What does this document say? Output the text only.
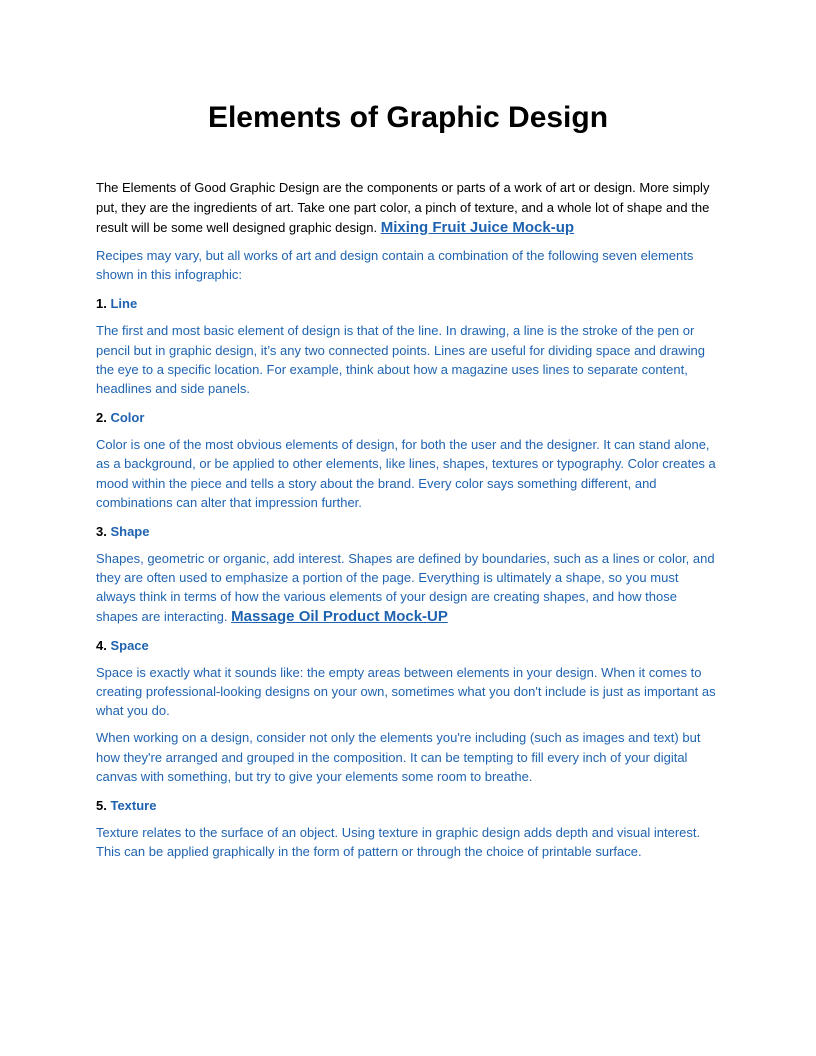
Elements of Graphic Design

The Elements of Good Graphic Design are the components or parts of a work of art or design. More simply put, they are the ingredients of art. Take one part color, a pinch of texture, and a whole lot of shape and the result will be some well designed graphic design. Mixing Fruit Juice Mock-up

Recipes may vary, but all works of art and design contain a combination of the following seven elements shown in this infographic:

1. Line

The first and most basic element of design is that of the line. In drawing, a line is the stroke of the pen or pencil but in graphic design, it’s any two connected points. Lines are useful for dividing space and drawing the eye to a specific location. For example, think about how a magazine uses lines to separate content, headlines and side panels.

2. Color

Color is one of the most obvious elements of design, for both the user and the designer. It can stand alone, as a background, or be applied to other elements, like lines, shapes, textures or typography. Color creates a mood within the piece and tells a story about the brand. Every color says something different, and combinations can alter that impression further.

3. Shape

Shapes, geometric or organic, add interest. Shapes are defined by boundaries, such as a lines or color, and they are often used to emphasize a portion of the page. Everything is ultimately a shape, so you must always think in terms of how the various elements of your design are creating shapes, and how those shapes are interacting. Massage Oil Product Mock-UP

4. Space

Space is exactly what it sounds like: the empty areas between elements in your design. When it comes to creating professional-looking designs on your own, sometimes what you don't include is just as important as what you do.

When working on a design, consider not only the elements you're including (such as images and text) but how they're arranged and grouped in the composition. It can be tempting to fill every inch of your digital canvas with something, but try to give your elements some room to breathe.

5. Texture

Texture relates to the surface of an object. Using texture in graphic design adds depth and visual interest. This can be applied graphically in the form of pattern or through the choice of printable surface.
